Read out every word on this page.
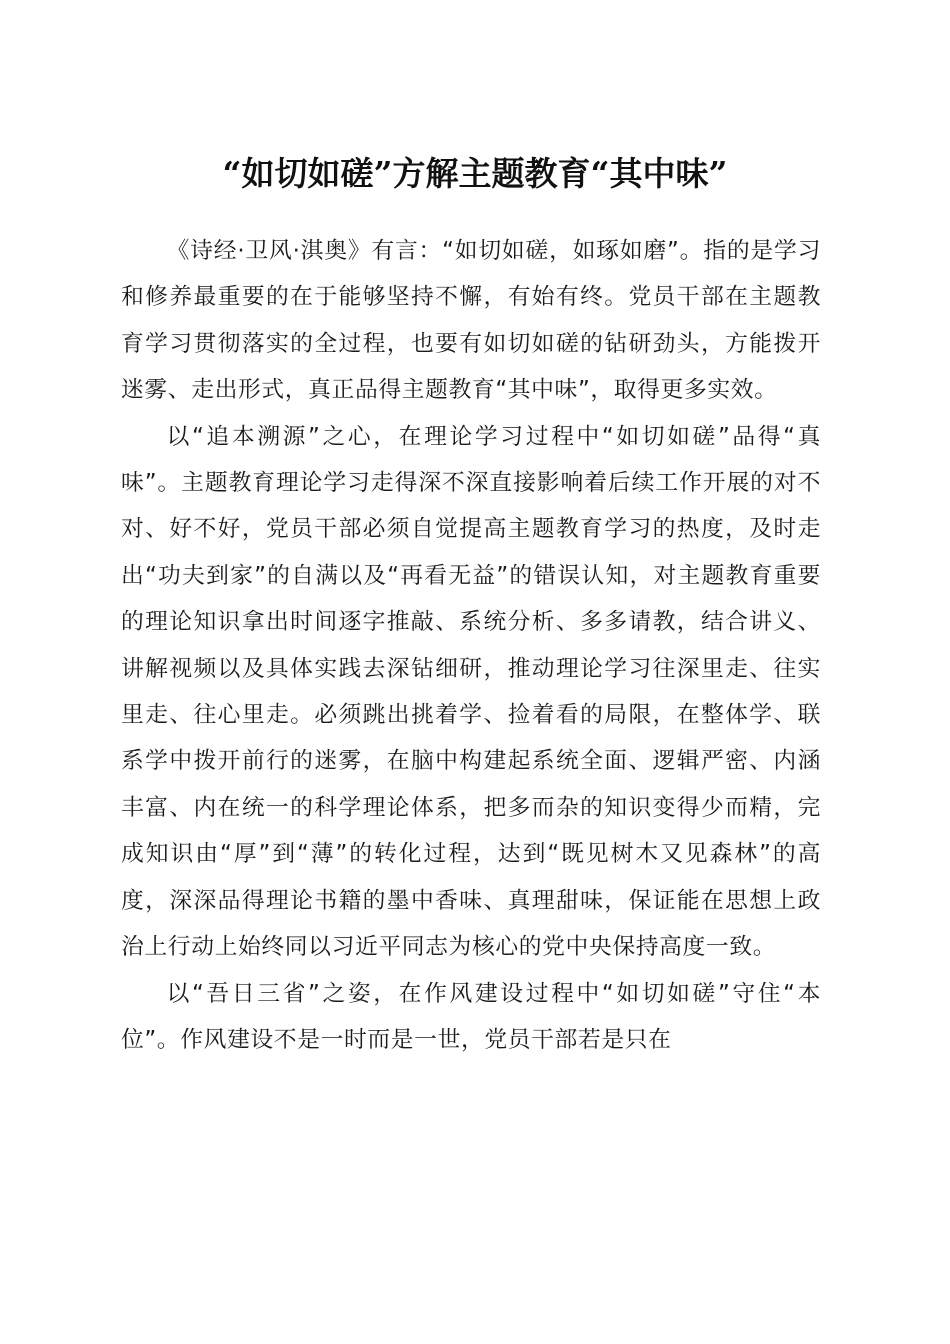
“如切如磋”方解主题教育“其中味”

《诗经·卫风·淇奥》有言：“如切如磋，如琢如磨”。指的是学习和修养最重要的在于能够坚持不懈，有始有终。党员干部在主题教育学习贯彻落实的全过程，也要有如切如磋的钻研劲头，方能拨开迷雾、走出形式，真正品得主题教育“其中味”，取得更多实效。

以“追本溯源”之心，在理论学习过程中“如切如磋”品得“真味”。主题教育理论学习走得深不深直接影响着后续工作开展的对不对、好不好，党员干部必须自觉提高主题教育学习的热度，及时走出“功夫到家”的自满以及“再看无益”的错误认知，对主题教育重要的理论知识拿出时间逐字推敲、系统分析、多多请教，结合讲义、讲解视频以及具体实践去深钻细研，推动理论学习往深里走、往实里走、往心里走。必须跳出挑着学、捡着看的局限，在整体学、联系学中拨开前行的迷雾，在脑中构建起系统全面、逻辑严密、内涵丰富、内在统一的科学理论体系，把多而杂的知识变得少而精，完成知识由“厚”到“薄”的转化过程，达到“既见树木又见森林”的高度，深深品得理论书籍的墨中香味、真理甜味，保证能在思想上政治上行动上始终同以习近平同志为核心的党中央保持高度一致。

以“吾日三省”之姿，在作风建设过程中“如切如磋”守住“本位”。作风建设不是一时而是一世，党员干部若是只在
